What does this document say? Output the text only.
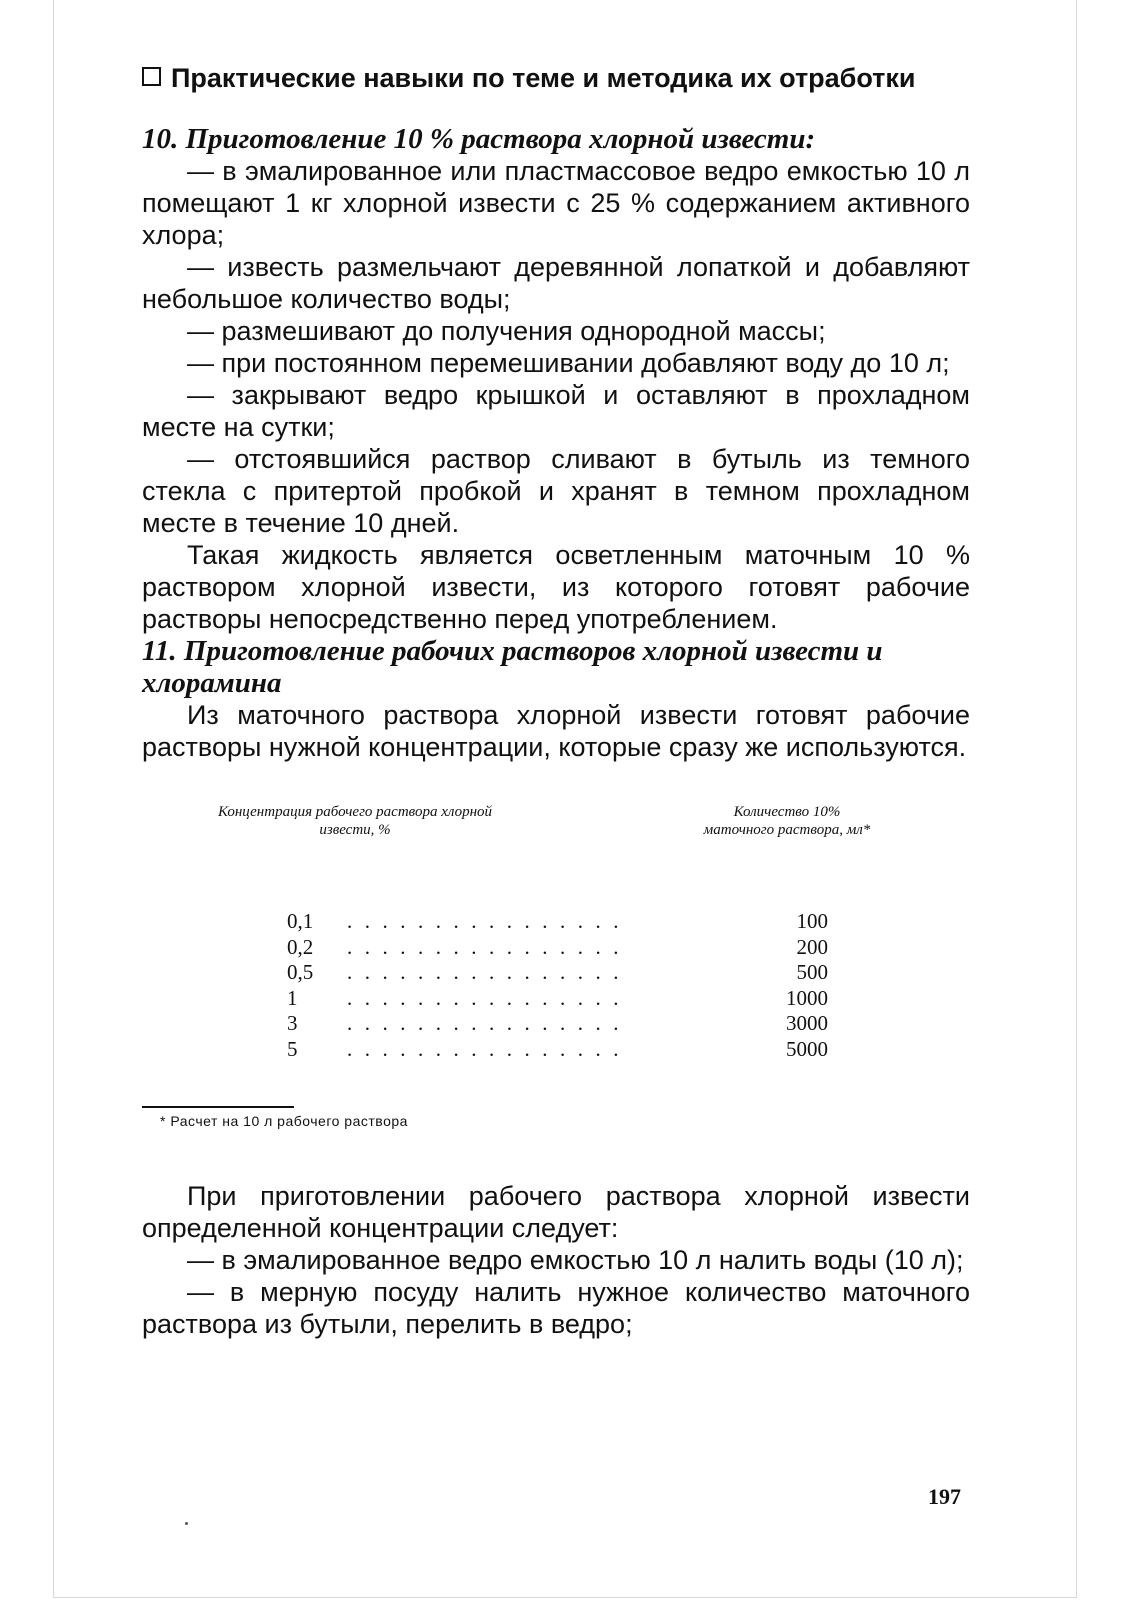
Практические навыки по теме и методика их отработки

10. Приготовление 10 % раствора хлорной извести:

— в эмалированное или пластмассовое ведро емкостью 10 л помещают 1 кг хлорной извести с 25 % содержанием активного хлора;

— известь размельчают деревянной лопаткой и добавляют небольшое количество воды;

— размешивают до получения однородной массы;

— при постоянном перемешивании добавляют воду до 10 л;

— закрывают ведро крышкой и оставляют в прохладном месте на сутки;

— отстоявшийся раствор сливают в бутыль из темного стекла с притертой пробкой и хранят в темном прохладном месте в течение 10 дней.

Такая жидкость является осветленным маточным 10 % раствором хлорной извести, из которого готовят рабочие растворы непосредственно перед употреблением.

11. Приготовление рабочих растворов хлорной извести и хлорамина

Из маточного раствора хлорной извести готовят рабочие растворы нужной концентрации, которые сразу же используются.

Концентрация рабочего раствора хлорной извести, %
Количество 10% маточного раствора, мл*
0,1 ................	100
0,2 ................	200
0,5 ................	500
1 ................	1000
3 ................	3000
5 ................	5000

* Расчет на 10 л рабочего раствора

При приготовлении рабочего раствора хлорной извести определенной концентрации следует:

— в эмалированное ведро емкостью 10 л налить воды (10 л);

— в мерную посуду налить нужное количество маточного раствора из бутыли, перелить в ведро;

197
